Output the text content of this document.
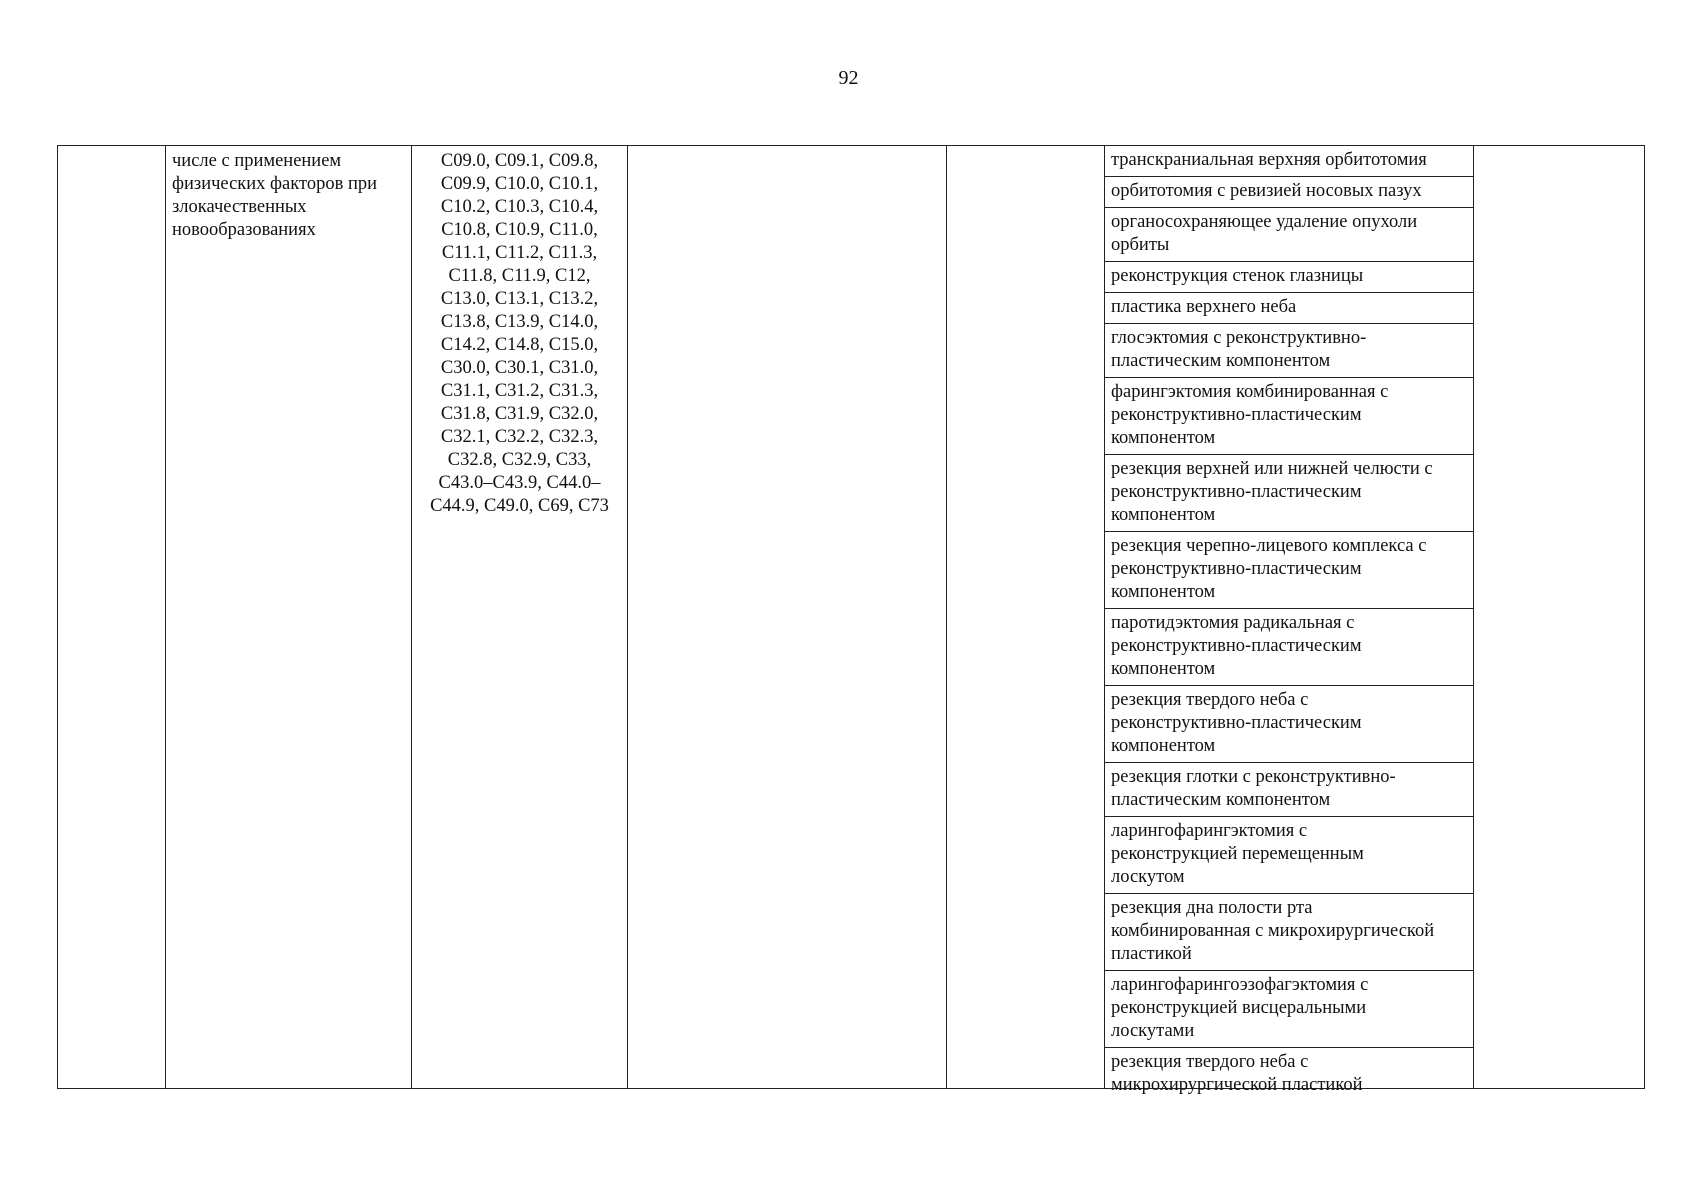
92
числе с применением
физических факторов при
злокачественных
новообразованиях
C09.0, C09.1, C09.8,
C09.9, C10.0, C10.1,
C10.2, C10.3, C10.4,
C10.8, C10.9, C11.0,
C11.1, C11.2, C11.3,
C11.8, C11.9, C12,
C13.0, C13.1, C13.2,
C13.8, C13.9, C14.0,
C14.2, C14.8, C15.0,
C30.0, C30.1, C31.0,
C31.1, C31.2, C31.3,
C31.8, C31.9, C32.0,
C32.1, C32.2, C32.3,
C32.8, C32.9, C33,
C43.0–C43.9, C44.0–
C44.9, C49.0, C69, C73
транскраниальная верхняя орбитотомия
орбитотомия с ревизией носовых пазух
органосохраняющее удаление опухоли
орбиты
реконструкция стенок глазницы
пластика верхнего неба
глосэктомия с реконструктивно-
пластическим компонентом
фарингэктомия комбинированная с
реконструктивно-пластическим
компонентом
резекция верхней или нижней челюсти с
реконструктивно-пластическим
компонентом
резекция черепно-лицевого комплекса с
реконструктивно-пластическим
компонентом
паротидэктомия радикальная с
реконструктивно-пластическим
компонентом
резекция твердого неба с
реконструктивно-пластическим
компонентом
резекция глотки с реконструктивно-
пластическим компонентом
ларингофарингэктомия с
реконструкцией перемещенным
лоскутом
резекция дна полости рта
комбинированная с микрохирургической
пластикой
ларингофарингоэзофагэктомия с
реконструкцией висцеральными
лоскутами
резекция твердого неба с
микрохирургической пластикой
